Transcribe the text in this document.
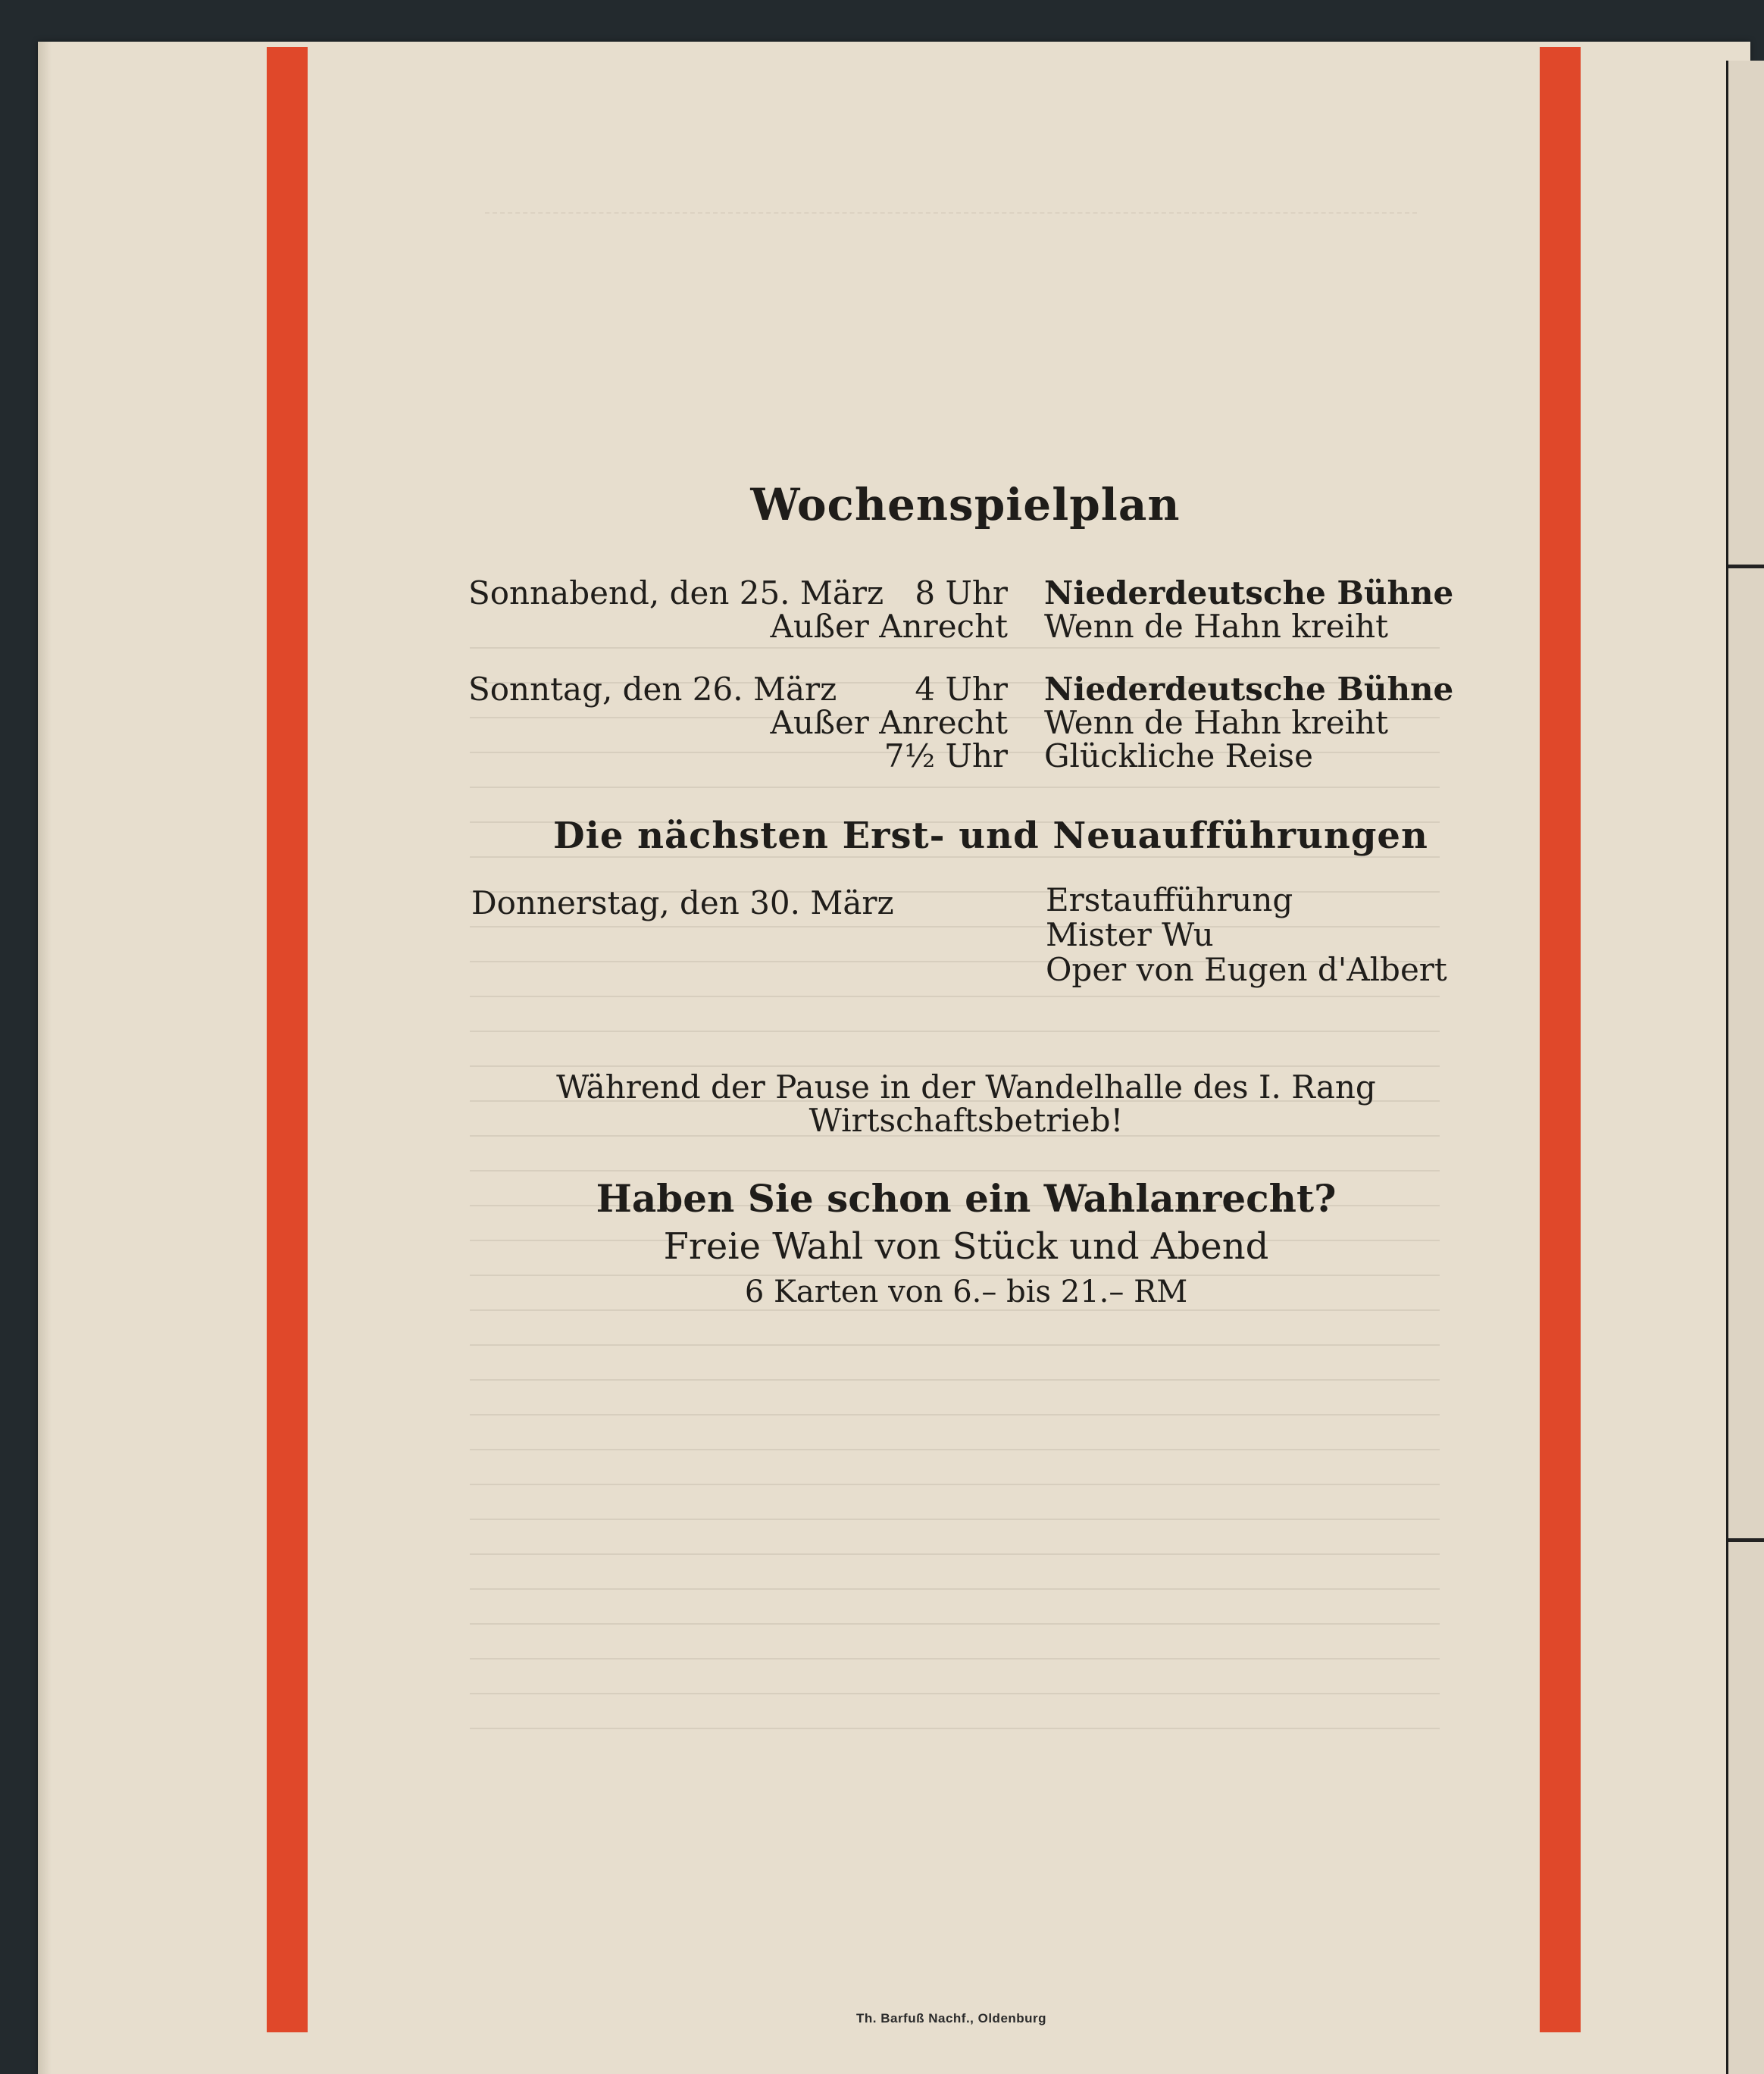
Wochenspielplan
Sonnabend, den 25. März 8 Uhr
Außer Anrecht
Niederdeutsche Bühne
Wenn de Hahn kreiht
Sonntag, den 26. März	4 Uhr
Außer Anrecht
7½ Uhr
Niederdeutsche Bühne
Wenn de Hahn kreiht
Glückliche Reise
Die nächsten Erst- und Neuaufführungen
Donnerstag, den 30. März	Erstaufführung
Mister Wu
Oper von Eugen d'Albert
Während der Pause in der Wandelhalle des I. Rang
Wirtschaftsbetrieb!
Haben Sie schon ein Wahlanrecht?
Freie Wahl von Stück und Abend
6 Karten von 6.– bis 21.– RM
Th. Barfuß Nachf., Oldenburg
